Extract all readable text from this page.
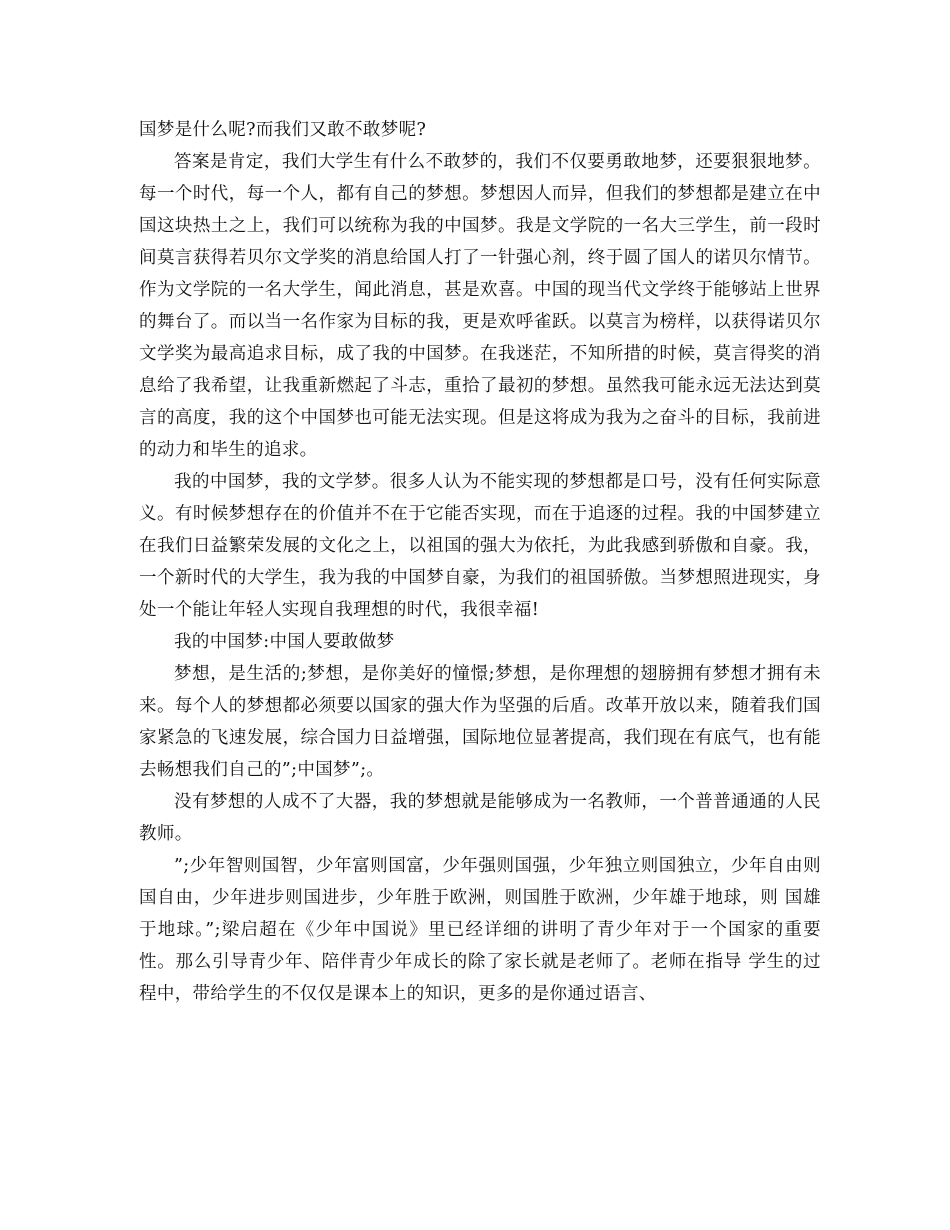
国梦是什么呢?而我们又敢不敢梦呢?

答案是肯定，我们大学生有什么不敢梦的，我们不仅要勇敢地梦，还要狠狠地梦。每一个时代，每一个人，都有自己的梦想。梦想因人而异，但我们的梦想都是建立在中国这块热土之上，我们可以统称为我的中国梦。我是文学院的一名大三学生，前一段时间莫言获得若贝尔文学奖的消息给国人打了一针强心剂，终于圆了国人的诺贝尔情节。作为文学院的一名大学生，闻此消息，甚是欢喜。中国的现当代文学终于能够站上世界的舞台了。而以当一名作家为目标的我，更是欢呼雀跃。以莫言为榜样，以获得诺贝尔文学奖为最高追求目标，成了我的中国梦。在我迷茫，不知所措的时候，莫言得奖的消息给了我希望，让我重新燃起了斗志，重拾了最初的梦想。虽然我可能永远无法达到莫言的高度，我的这个中国梦也可能无法实现。但是这将成为我为之奋斗的目标，我前进的动力和毕生的追求。

我的中国梦，我的文学梦。很多人认为不能实现的梦想都是口号，没有任何实际意义。有时候梦想存在的价值并不在于它能否实现，而在于追逐的过程。我的中国梦建立在我们日益繁荣发展的文化之上，以祖国的强大为依托，为此我感到骄傲和自豪。我，一个新时代的大学生，我为我的中国梦自豪，为我们的祖国骄傲。当梦想照进现实，身处一个能让年轻人实现自我理想的时代，我很幸福!

我的中国梦:中国人要敢做梦

梦想，是生活的;梦想，是你美好的憧憬;梦想，是你理想的翅膀拥有梦想才拥有未来。每个人的梦想都必须要以国家的强大作为坚强的后盾。改革开放以来，随着我们国家紧急的飞速发展，综合国力日益增强，国际地位显著提高，我们现在有底气，也有能去畅想我们自己的”;中国梦”;。

没有梦想的人成不了大器，我的梦想就是能够成为一名教师，一个普普通通的人民教师。

”;少年智则国智，少年富则国富，少年强则国强，少年独立则国独立，少年自由则国自由，少年进步则国进步，少年胜于欧洲，则国胜于欧洲，少年雄于地球，则 国雄于地球。”;梁启超在《少年中国说》里已经详细的讲明了青少年对于一个国家的重要性。那么引导青少年、陪伴青少年成长的除了家长就是老师了。老师在指导 学生的过程中，带给学生的不仅仅是课本上的知识，更多的是你通过语言、
